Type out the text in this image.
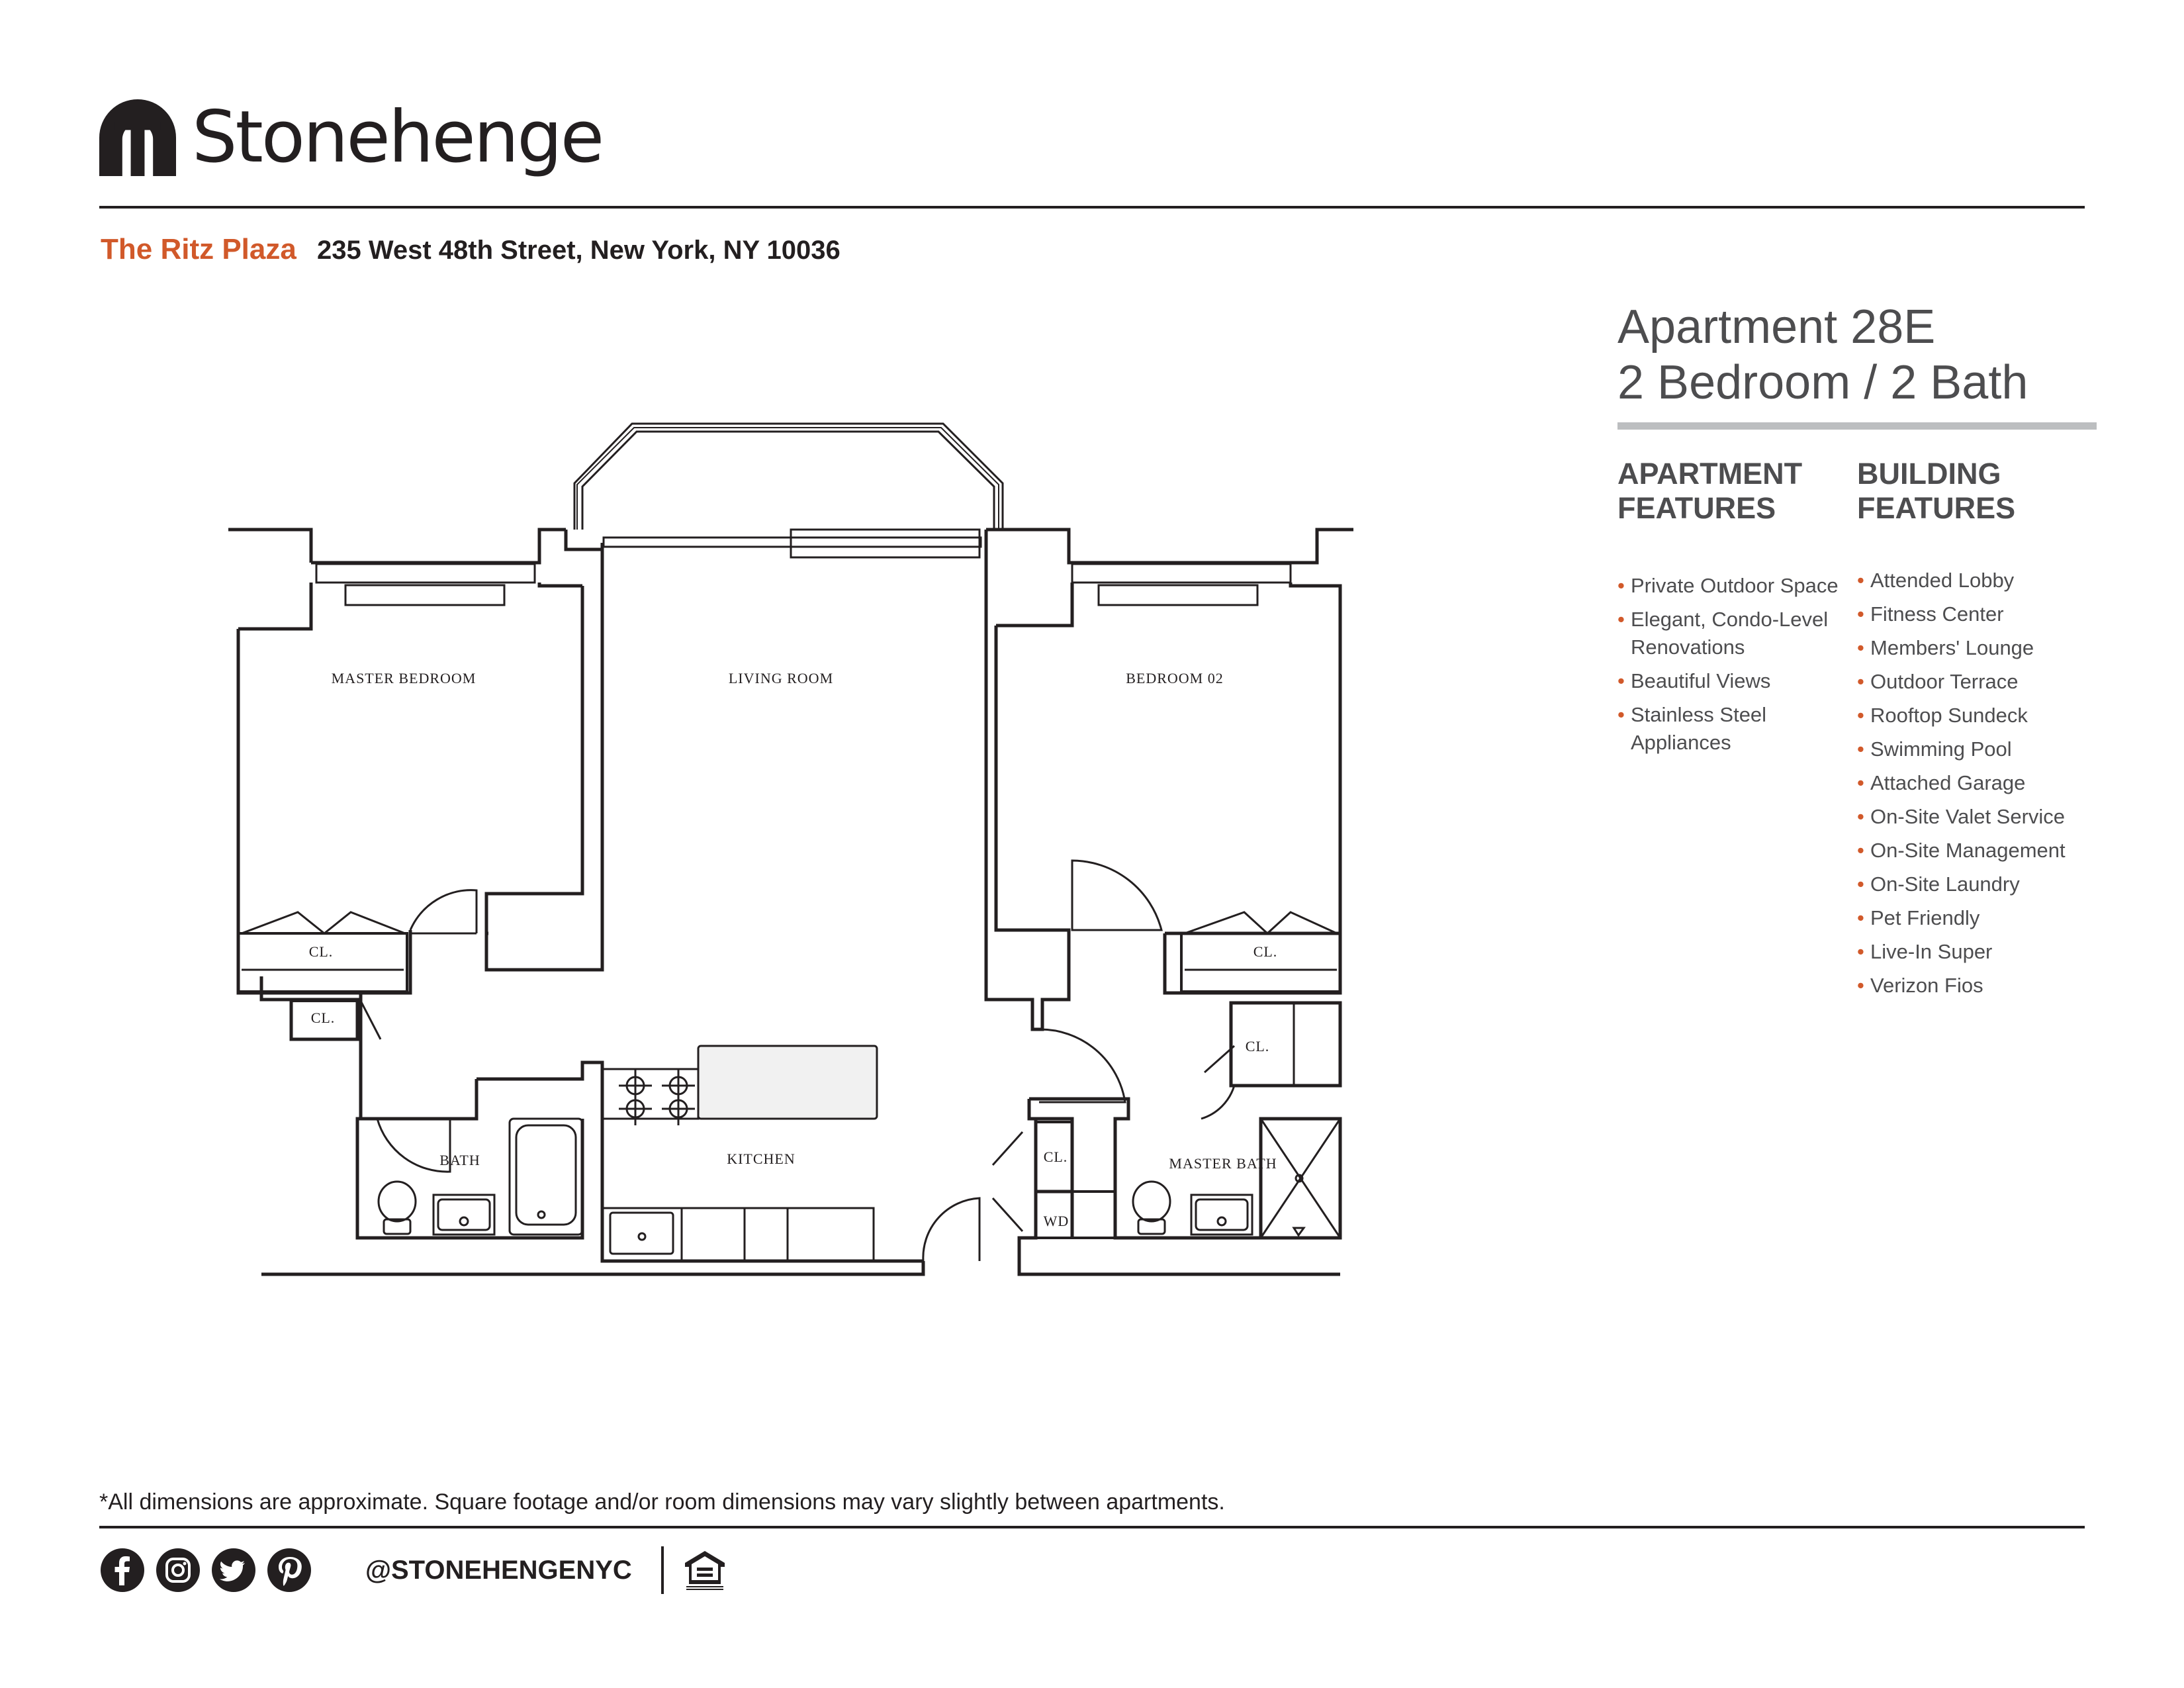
Stonehenge
The Ritz Plaza 235 West 48th Street, New York, NY 10036
Apartment 28E
2 Bedroom / 2 Bath
APARTMENT
FEATURES
• Private Outdoor Space
• Elegant, Condo-Level Renovations
• Beautiful Views
• Stainless Steel Appliances
BUILDING
FEATURES
• Attended Lobby
• Fitness Center
• Members' Lounge
• Outdoor Terrace
• Rooftop Sundeck
• Swimming Pool
• Attached Garage
• On-Site Valet Service
• On-Site Management
• On-Site Laundry
• Pet Friendly
• Live-In Super
• Verizon Fios
MASTER BEDROOM	LIVING ROOM	BEDROOM 02
CL.
CL.
CL.
CL.
CL.
BATH	KITCHEN	MASTER BATH
WD
*All dimensions are approximate. Square footage and/or room dimensions may vary slightly between apartments.
@STONEHENGENYC
